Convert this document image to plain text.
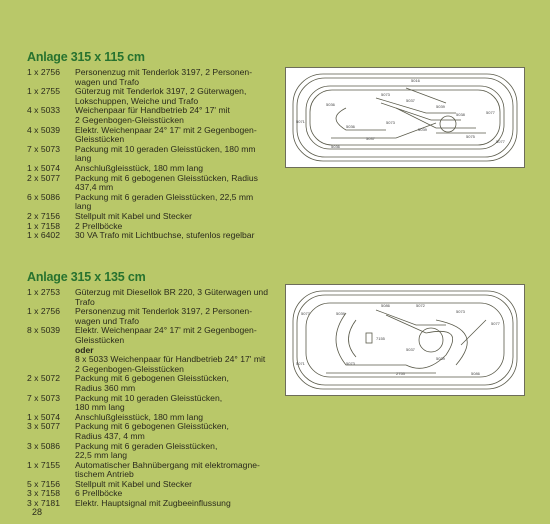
Anlage 315 x 115 cm
1 x 2756	Personenzug mit Tenderlok 3197, 2 Personen-
wagen und Trafo
1 x 2755	Güterzug mit Tenderlok 3197, 2 Güterwagen,
Lokschuppen, Weiche und Trafo
4 x 5033	Weichenpaar für Handbetrieb 24° 17' mit
2 Gegenbogen-Gleisstücken
4 x 5039	Elektr. Weichenpaar 24° 17' mit 2 Gegenbogen-
Gleisstücken
7 x 5073	Packung mit 10 geraden Gleisstücken, 180 mm
lang
1 x 5074	Anschlußgleisstück, 180 mm lang
2 x 5077	Packung mit 6 gebogenen Gleisstücken, Radius
437,4 mm
6 x 5086	Packung mit 6 geraden Gleisstücken, 22,5 mm
lang
2 x 7156	Stellpult mit Kabel und Stecker
1 x 7158	2 Prellböcke
1 x 6402	30 VA Trafo mit Lichtbuchse, stufenlos regelbar
5036
5073
5037
5039
5038
5073
5036
5039
5077
5075
5036
5037
5077
5071
5016
Anlage 315 x 135 cm
1 x 2753	Güterzug mit Diesellok BR 220, 3 Güterwagen und
Trafo
1 x 2756	Personenzug mit Tenderlok 3197, 2 Personen-
wagen und Trafo
8 x 5039	Elektr. Weichenpaar 24° 17' mit 2 Gegenbogen-
Gleisstücken
oder
8 x 5033 Weichenpaar für Handbetrieb 24° 17' mit
2 Gegenbogen-Gleisstücken
2 x 5072	Packung mit 6 gebogenen Gleisstücken,
Radius 360 mm
7 x 5073	Packung mit 10 geraden Gleisstücken,
180 mm lang
1 x 5074	Anschlußgleisstück, 180 mm lang
3 x 5077	Packung mit 6 gebogenen Gleisstücken,
Radius 437, 4 mm
3 x 5086	Packung mit 6 geraden Gleisstücken,
22,5 mm lang
1 x 7155	Automatischer Bahnübergang mit elektromagne-
tischem Antrieb
5 x 7156	Stellpult mit Kabel und Stecker
3 x 7158	6 Prellböcke
3 x 7181	Elektr. Hauptsignal mit Zugbeeinflussung
5077	5039
5086	5072
5073
7155
5077
5039
5037
5073
5086
2753
5071
28
